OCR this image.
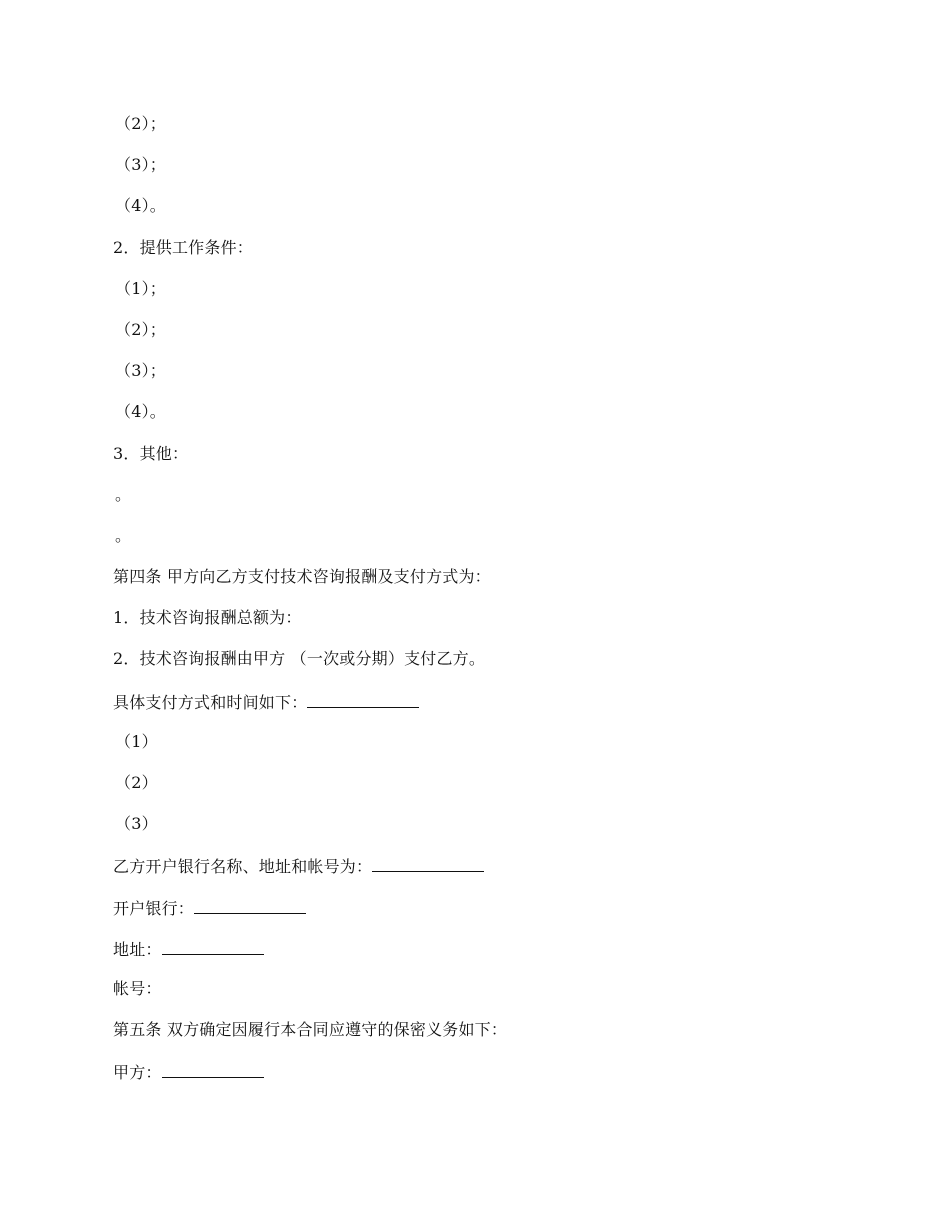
（2）；
（3）；
（4）。
2．提供工作条件：
（1）；
（2）；
（3）；
（4）。
3．其他：
。
。
第四条 甲方向乙方支付技术咨询报酬及支付方式为：
1．技术咨询报酬总额为：
2．技术咨询报酬由甲方 （一次或分期）支付乙方。
具体支付方式和时间如下：
（1）
（2）
（3）
乙方开户银行名称、地址和帐号为：
开户银行：
地址：
帐号：
第五条 双方确定因履行本合同应遵守的保密义务如下：
甲方：
